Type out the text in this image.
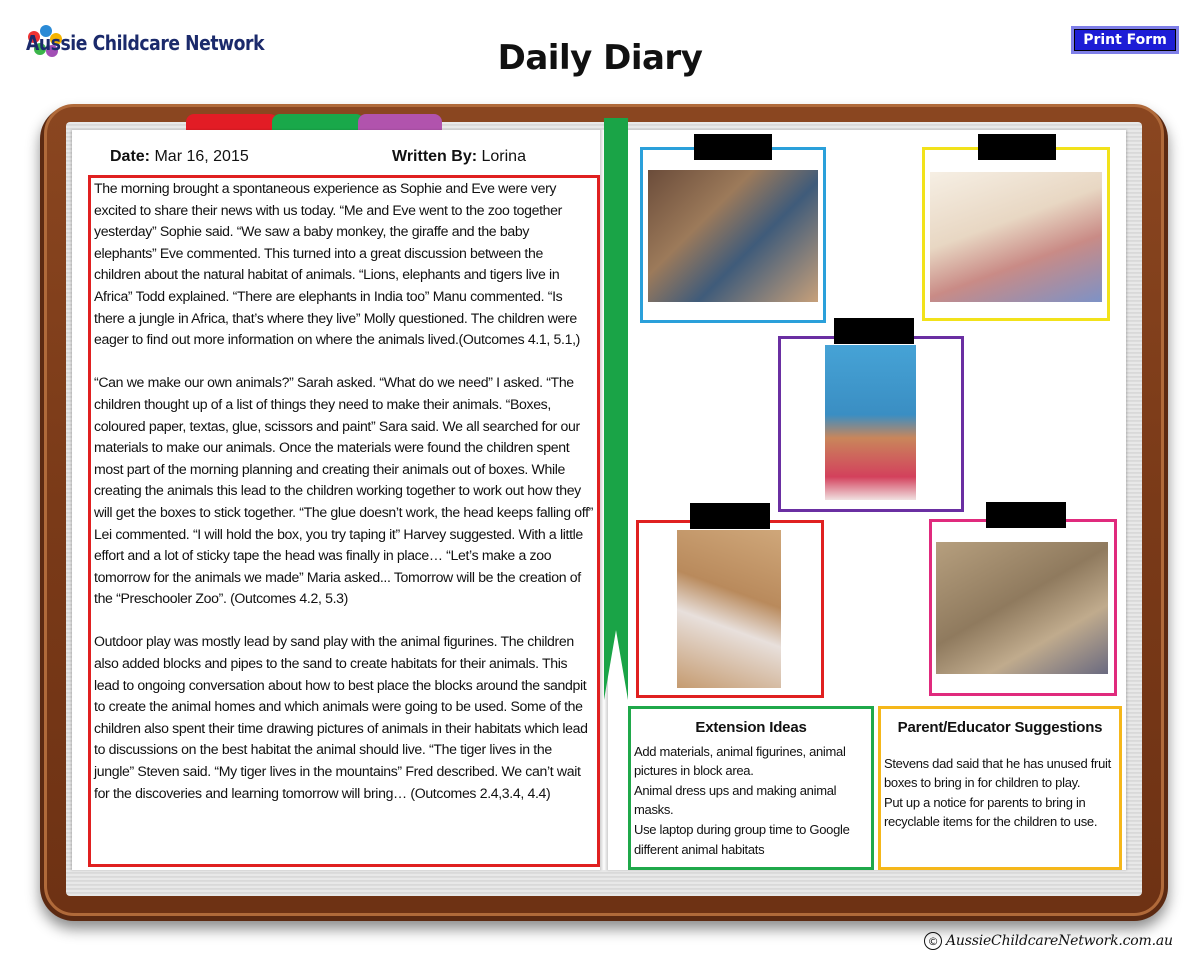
Aussie Childcare Network	Daily Diary	Print Form
Date: Mar 16, 2015	Written By: Lorina

The morning brought a spontaneous experience as Sophie and Eve were very excited to share their news with us today. “Me and Eve went to the zoo together yesterday” Sophie said. “We saw a baby monkey, the giraffe and the baby elephants” Eve commented. This turned into a great discussion between the children about the natural habitat of animals. “Lions, elephants and tigers live in Africa” Todd explained. “There are elephants in India too” Manu commented. “Is there a jungle in Africa, that’s where they live” Molly questioned. The children were eager to find out more information on where the animals lived.(Outcomes 4.1, 5.1,)

“Can we make our own animals?” Sarah asked. “What do we need” I asked. “The children thought up of a list of things they need to make their animals. “Boxes, coloured paper, textas, glue, scissors and paint” Sara said. We all searched for our materials to make our animals. Once the materials were found the children spent most part of the morning planning and creating their animals out of boxes. While creating the animals this lead to the children working together to work out how they will get the boxes to stick together. “The glue doesn’t work, the head keeps falling off” Lei commented. “I will hold the box, you try taping it” Harvey suggested. With a little effort and a lot of sticky tape the head was finally in place… “Let’s make a zoo tomorrow for the animals we made” Maria asked... Tomorrow will be the creation of the “Preschooler Zoo”. (Outcomes 4.2, 5.3)

Outdoor play was mostly lead by sand play with the animal figurines. The children also added blocks and pipes to the sand to create habitats for their animals. This lead to ongoing conversation about how to best place the blocks around the sandpit to create the animal homes and which animals were going to be used. Some of the children also spent their time drawing pictures of animals in their habitats which lead to discussions on the best habitat the animal should live. “The tiger lives in the jungle” Steven said. “My tiger lives in the mountains” Fred described. We can’t wait for the discoveries and learning tomorrow will bring… (Outcomes 2.4,3.4, 4.4)

Extension Ideas
Add materials, animal figurines, animal pictures in block area.
Animal dress ups and making animal masks.
Use laptop during group time to Google different animal habitats
Parent/Educator Suggestions
Stevens dad said that he has unused fruit boxes to bring in for children to play.
Put up a notice for parents to bring in recyclable items for the children to use.
© AussieChildcareNetwork.com.au
